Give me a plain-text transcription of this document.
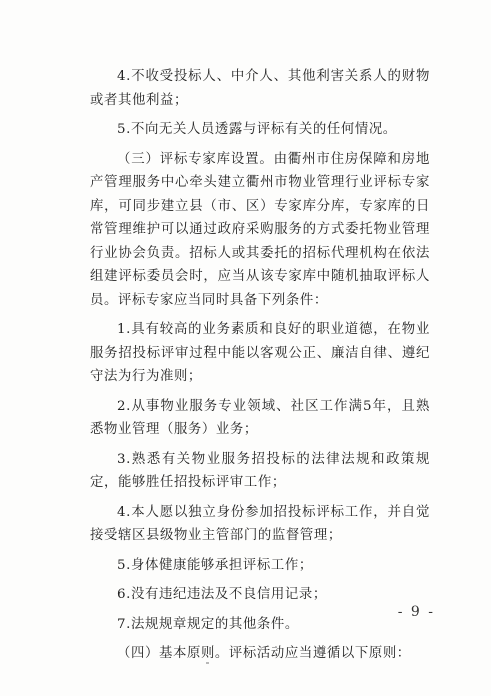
4.不收受投标人、中介人、其他利害关系人的财物或者其他利益；

5.不向无关人员透露与评标有关的任何情况。

（三）评标专家库设置。由衢州市住房保障和房地产管理服务中心牵头建立衢州市物业管理行业评标专家库，可同步建立县（市、区）专家库分库，专家库的日常管理维护可以通过政府采购服务的方式委托物业管理行业协会负责。招标人或其委托的招标代理机构在依法组建评标委员会时，应当从该专家库中随机抽取评标人员。评标专家应当同时具备下列条件：

1.具有较高的业务素质和良好的职业道德，在物业服务招投标评审过程中能以客观公正、廉洁自律、遵纪守法为行为准则；

2.从事物业服务专业领域、社区工作满5年，且熟悉物业管理（服务）业务；

3.熟悉有关物业服务招投标的法律法规和政策规定，能够胜任招投标评审工作；

4.本人愿以独立身份参加招投标评标工作，并自觉接受辖区县级物业主管部门的监督管理；

5.身体健康能够承担评标工作；

6.没有违纪违法及不良信用记录；

7.法规规章规定的其他条件。

（四）基本原则。评标活动应当遵循以下原则：

- 9 -
